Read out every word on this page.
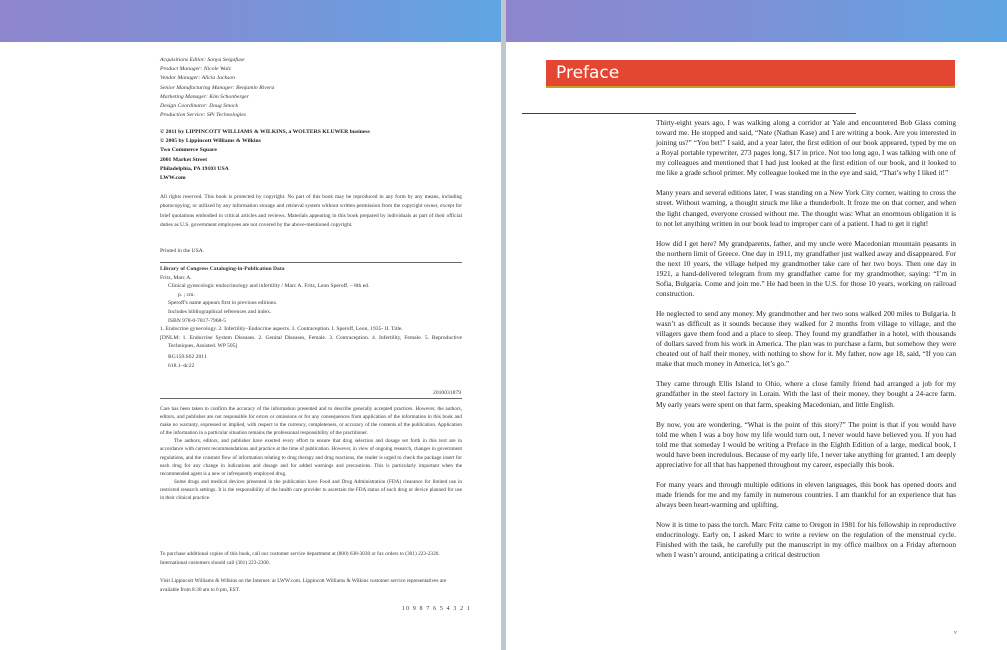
Acquisitions Editor: Sonya Seigafuse
Product Manager: Nicole Walz
Vendor Manager: Alicia Jackson
Senior Manufacturing Manager: Benjamin Rivera
Marketing Manager: Kim Schonberger
Design Coordinator: Doug Smock
Production Service: SPi Technologies
© 2011 by LIPPINCOTT WILLIAMS & WILKINS, a WOLTERS KLUWER business
© 2005 by Lippincott Williams & Wilkins
Two Commerce Square
2001 Market Street
Philadelphia, PA 19103 USA
LWW.com
All rights reserved. This book is protected by copyright. No part of this book may be reproduced in any form by any means, including photocopying, or utilized by any information storage and retrieval system without written permission from the copyright owner, except for brief quotations embodied in critical articles and reviews. Materials appearing in this book prepared by individuals as part of their official duties as U.S. government employees are not covered by the above-mentioned copyright.
Printed in the USA.
Library of Congress Cataloging-in-Publication Data
Fritz, Marc A.
Clinical gynecologic endocrinology and infertility / Marc A. Fritz, Leon Speroff. – 8th ed.
p. ; cm.
Speroff's name appears first in previous editions.
Includes bibliographical references and index.
ISBN 978-0-7817-7968-5
1. Endocrine gynecology. 2. Infertility–Endocrine aspects. 3. Contraception. I. Speroff, Leon, 1935- II. Title.
[DNLM: 1. Endocrine System Diseases. 2. Genital Diseases, Female. 3. Contraception. 4. Infertility, Female. 5. Reproductive Techniques, Assisted. WP 505]
RG159.S62 2011
618.1–dc22
2010031879

Care has been taken to confirm the accuracy of the information presented and to describe generally accepted practices. However, the authors, editors, and publisher are not responsible for errors or omissions or for any consequences from application of the information in this book and make no warranty, expressed or implied, with respect to the currency, completeness, or accuracy of the contents of the publication. Application of the information in a particular situation remains the professional responsibility of the practitioner.

The authors, editors, and publisher have exerted every effort to ensure that drug selection and dosage set forth in this text are in accordance with current recommendations and practice at the time of publication. However, in view of ongoing research, changes in government regulations, and the constant flow of information relating to drug therapy and drug reactions, the reader is urged to check the package insert for each drug for any change in indications and dosage and for added warnings and precautions. This is particularly important when the recommended agent is a new or infrequently employed drug.

Some drugs and medical devices presented in the publication have Food and Drug Administration (FDA) clearance for limited use in restricted research settings. It is the responsibility of the health care provider to ascertain the FDA status of each drug or device planned for use in their clinical practice.

To purchase additional copies of this book, call our customer service department at (800) 638-3030 or fax orders to (301) 223-2320. International customers should call (301) 223-2300.
Visit Lippincott Williams & Wilkins on the Internet: at LWW.com. Lippincott Williams & Wilkins customer service representatives are available from 8:30 am to 6 pm, EST.
10 9 8 7 6 5 4 3 2 1
Preface

Thirty-eight years ago, I was walking along a corridor at Yale and encountered Bob Glass coming toward me. He stopped and said, “Nate (Nathan Kase) and I are writing a book. Are you interested in joining us?” “You bet!” I said, and a year later, the first edition of our book appeared, typed by me on a Royal portable typewriter, 273 pages long, $17 in price. Not too long ago, I was talking with one of my colleagues and mentioned that I had just looked at the first edition of our book, and it looked to me like a grade school primer. My colleague looked me in the eye and said, “That’s why I liked it!”

Many years and several editions later, I was standing on a New York City corner, waiting to cross the street. Without warning, a thought struck me like a thunderbolt. It froze me on that corner, and when the light changed, everyone crossed without me. The thought was: What an enormous obligation it is to not let anything written in our book lead to improper care of a patient. I had to get it right!

How did I get here? My grandparents, father, and my uncle were Macedonian mountain peasants in the northern limit of Greece. One day in 1911, my grandfather just walked away and disappeared. For the next 10 years, the village helped my grandmother take care of her two boys. Then one day in 1921, a hand-delivered telegram from my grandfather came for my grandmother, saying: “I’m in Sofia, Bulgaria. Come and join me.” He had been in the U.S. for those 10 years, working on railroad construction.

He neglected to send any money. My grandmother and her two sons walked 200 miles to Bulgaria. It wasn’t as difficult as it sounds because they walked for 2 months from village to village, and the villagers gave them food and a place to sleep. They found my grandfather in a hotel, with thousands of dollars saved from his work in America. The plan was to purchase a farm, but somehow they were cheated out of half their money, with nothing to show for it. My father, now age 18, said, “If you can make that much money in America, let’s go.”

They came through Ellis Island to Ohio, where a close family friend had arranged a job for my grandfather in the steel factory in Lorain. With the last of their money, they bought a 24-acre farm. My early years were spent on that farm, speaking Macedonian, and little English.

By now, you are wondering, “What is the point of this story?” The point is that if you would have told me when I was a boy how my life would turn out, I never would have believed you. If you had told me that someday I would be writing a Preface in the Eighth Edition of a large, medical book, I would have been incredulous. Because of my early life, I never take anything for granted. I am deeply appreciative for all that has happened throughout my career, especially this book.

For many years and through multiple editions in eleven languages, this book has opened doors and made friends for me and my family in numerous countries. I am thankful for an experience that has always been heart-warming and uplifting.

Now it is time to pass the torch. Marc Fritz came to Oregon in 1981 for his fellowship in reproductive endocrinology. Early on, I asked Marc to write a review on the regulation of the menstrual cycle. Finished with the task, he carefully put the manuscript in my office mailbox on a Friday afternoon when I wasn’t around, anticipating a critical destruction

v
